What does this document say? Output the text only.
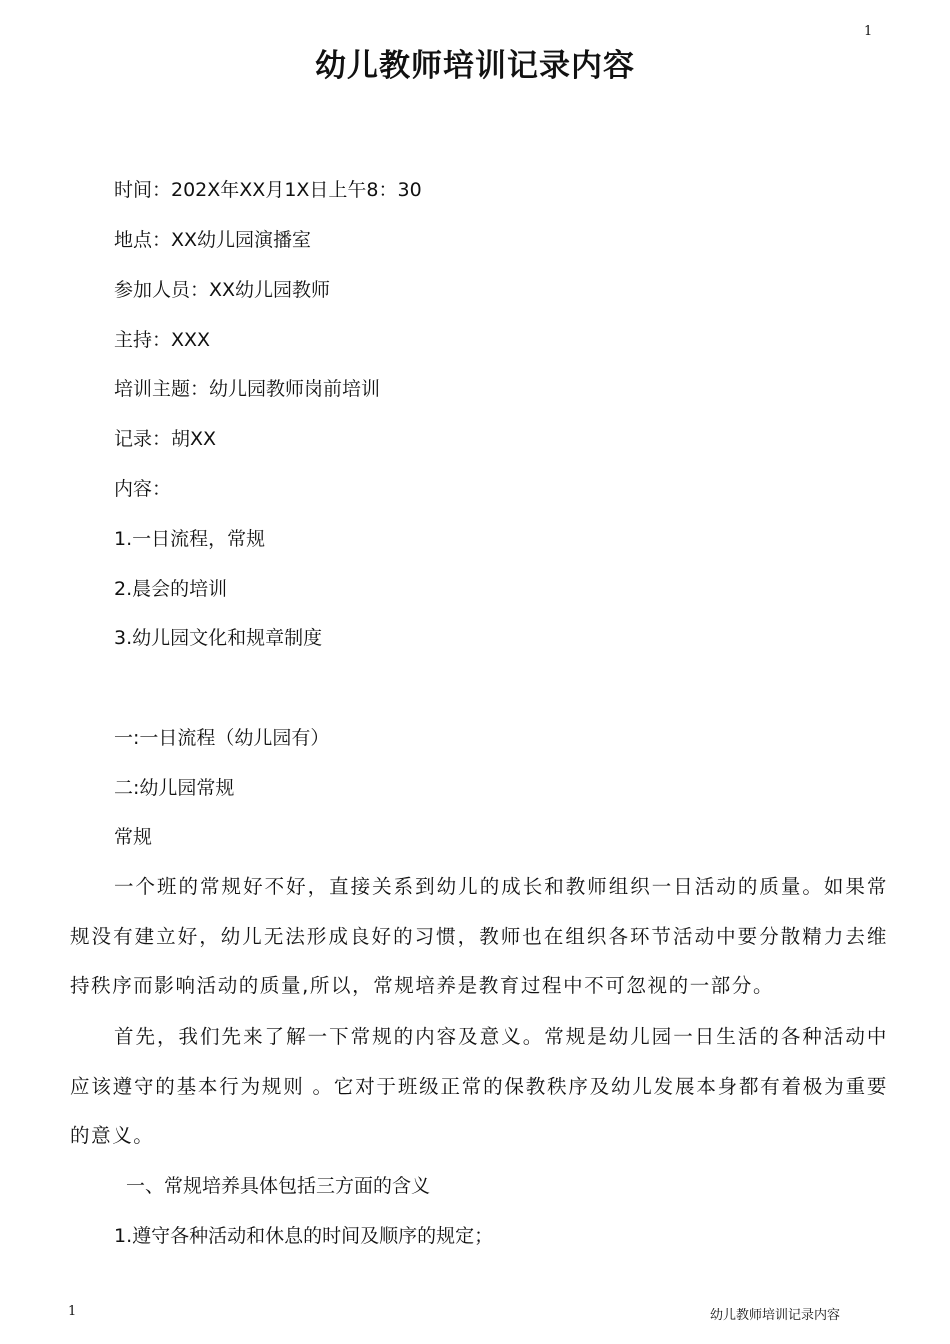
1
幼儿教师培训记录内容
时间：202X年XX月1X日上午8：30
地点：XX幼儿园演播室
参加人员：XX幼儿园教师
主持：XXX
培训主题：幼儿园教师岗前培训
记录：胡XX
内容：
1.一日流程，常规
2.晨会的培训
3.幼儿园文化和规章制度
一:一日流程（幼儿园有）
二:幼儿园常规
常规
一个班的常规好不好，直接关系到幼儿的成长和教师组织一日活动的质量。如果常规没有建立好，幼儿无法形成良好的习惯，教师也在组织各环节活动中要分散精力去维持秩序而影响活动的质量,所以，常规培养是教育过程中不可忽视的一部分。
首先，我们先来了解一下常规的内容及意义。常规是幼儿园一日生活的各种活动中应该遵守的基本行为规则 。它对于班级正常的保教秩序及幼儿发展本身都有着极为重要的意义。
一、常规培养具体包括三方面的含义
1.遵守各种活动和休息的时间及顺序的规定；
1	幼儿教师培训记录内容
